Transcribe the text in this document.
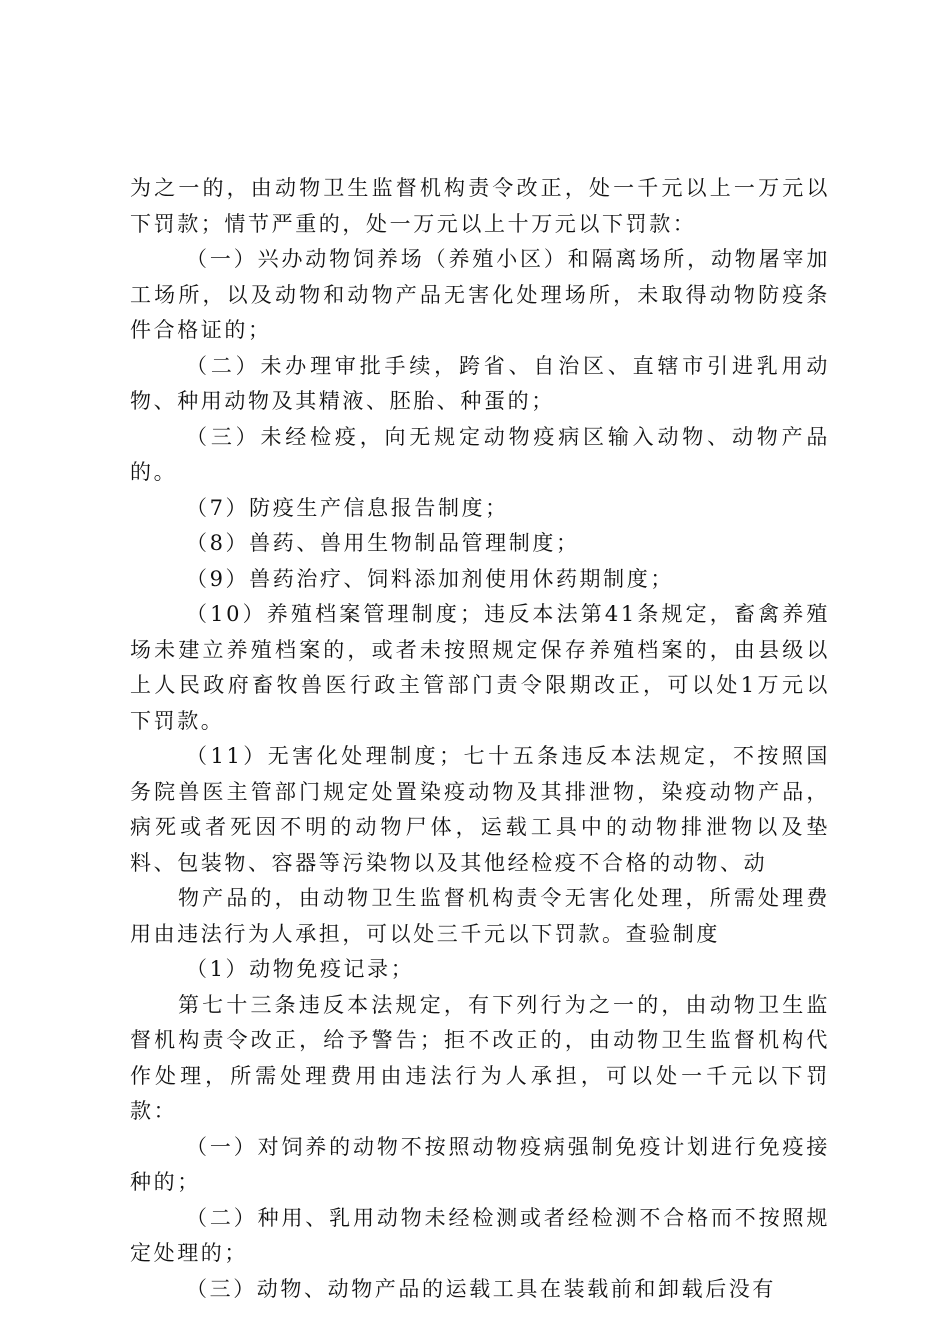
为之一的，由动物卫生监督机构责令改正，处一千元以上一万元以下罚款；情节严重的，处一万元以上十万元以下罚款：

（一）兴办动物饲养场（养殖小区）和隔离场所，动物屠宰加工场所，以及动物和动物产品无害化处理场所，未取得动物防疫条件合格证的；

（二）未办理审批手续，跨省、自治区、直辖市引进乳用动物、种用动物及其精液、胚胎、种蛋的；

（三）未经检疫，向无规定动物疫病区输入动物、动物产品的。

（7）防疫生产信息报告制度；

（8）兽药、兽用生物制品管理制度；

（9）兽药治疗、饲料添加剂使用休药期制度；

（10）养殖档案管理制度；违反本法第41条规定，畜禽养殖场未建立养殖档案的，或者未按照规定保存养殖档案的，由县级以上人民政府畜牧兽医行政主管部门责令限期改正，可以处1万元以下罚款。

（11）无害化处理制度；七十五条违反本法规定，不按照国务院兽医主管部门规定处置染疫动物及其排泄物，染疫动物产品，病死或者死因不明的动物尸体，运载工具中的动物排泄物以及垫料、包装物、容器等污染物以及其他经检疫不合格的动物、动

物产品的，由动物卫生监督机构责令无害化处理，所需处理费用由违法行为人承担，可以处三千元以下罚款。查验制度

（1）动物免疫记录；

第七十三条违反本法规定，有下列行为之一的，由动物卫生监督机构责令改正，给予警告；拒不改正的，由动物卫生监督机构代作处理，所需处理费用由违法行为人承担，可以处一千元以下罚款：

（一）对饲养的动物不按照动物疫病强制免疫计划进行免疫接种的；

（二）种用、乳用动物未经检测或者经检测不合格而不按照规定处理的；

（三）动物、动物产品的运载工具在装载前和卸载后没有
